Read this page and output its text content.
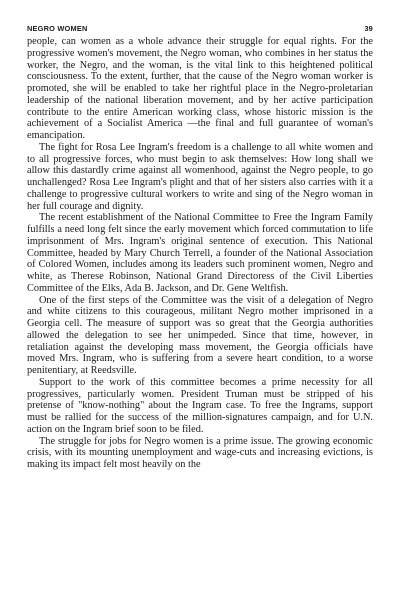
NEGRO WOMEN	39

people, can women as a whole advance their struggle for equal rights. For the progressive women's movement, the Negro woman, who combines in her status the worker, the Negro, and the woman, is the vital link to this heightened political consciousness. To the extent, further, that the cause of the Negro woman worker is promoted, she will be enabled to take her rightful place in the Negro-proletarian leadership of the national liberation movement, and by her active participation contribute to the entire American working class, whose historic mission is the achievement of a Socialist America —the final and full guarantee of woman's emancipation.

The fight for Rosa Lee Ingram's freedom is a challenge to all white women and to all progressive forces, who must begin to ask themselves: How long shall we allow this dastardly crime against all womenhood, against the Negro people, to go unchallenged? Rosa Lee Ingram's plight and that of her sisters also carries with it a challenge to progressive cultural workers to write and sing of the Negro woman in her full courage and dignity.

The recent establishment of the National Committee to Free the Ingram Family fulfills a need long felt since the early movement which forced commutation to life imprisonment of Mrs. Ingram's original sentence of execution. This National Committee, headed by Mary Church Terrell, a founder of the National Association of Colored Women, includes among its leaders such prominent women, Negro and white, as Therese Robinson, National Grand Directoress of the Civil Liberties Committee of the Elks, Ada B. Jackson, and Dr. Gene Weltfish.

One of the first steps of the Committee was the visit of a delegation of Negro and white citizens to this courageous, militant Negro mother imprisoned in a Georgia cell. The measure of support was so great that the Georgia authorities allowed the delegation to see her unimpeded. Since that time, however, in retaliation against the developing mass movement, the Georgia officials have moved Mrs. Ingram, who is suffering from a severe heart condition, to a worse penitentiary, at Reedsville.

Support to the work of this committee becomes a prime necessity for all progressives, particularly women. President Truman must be stripped of his pretense of "know-nothing" about the Ingram case. To free the Ingrams, support must be rallied for the success of the million-signatures campaign, and for U.N. action on the Ingram brief soon to be filed.

The struggle for jobs for Negro women is a prime issue. The growing economic crisis, with its mounting unemployment and wage-cuts and increasing evictions, is making its impact felt most heavily on the
